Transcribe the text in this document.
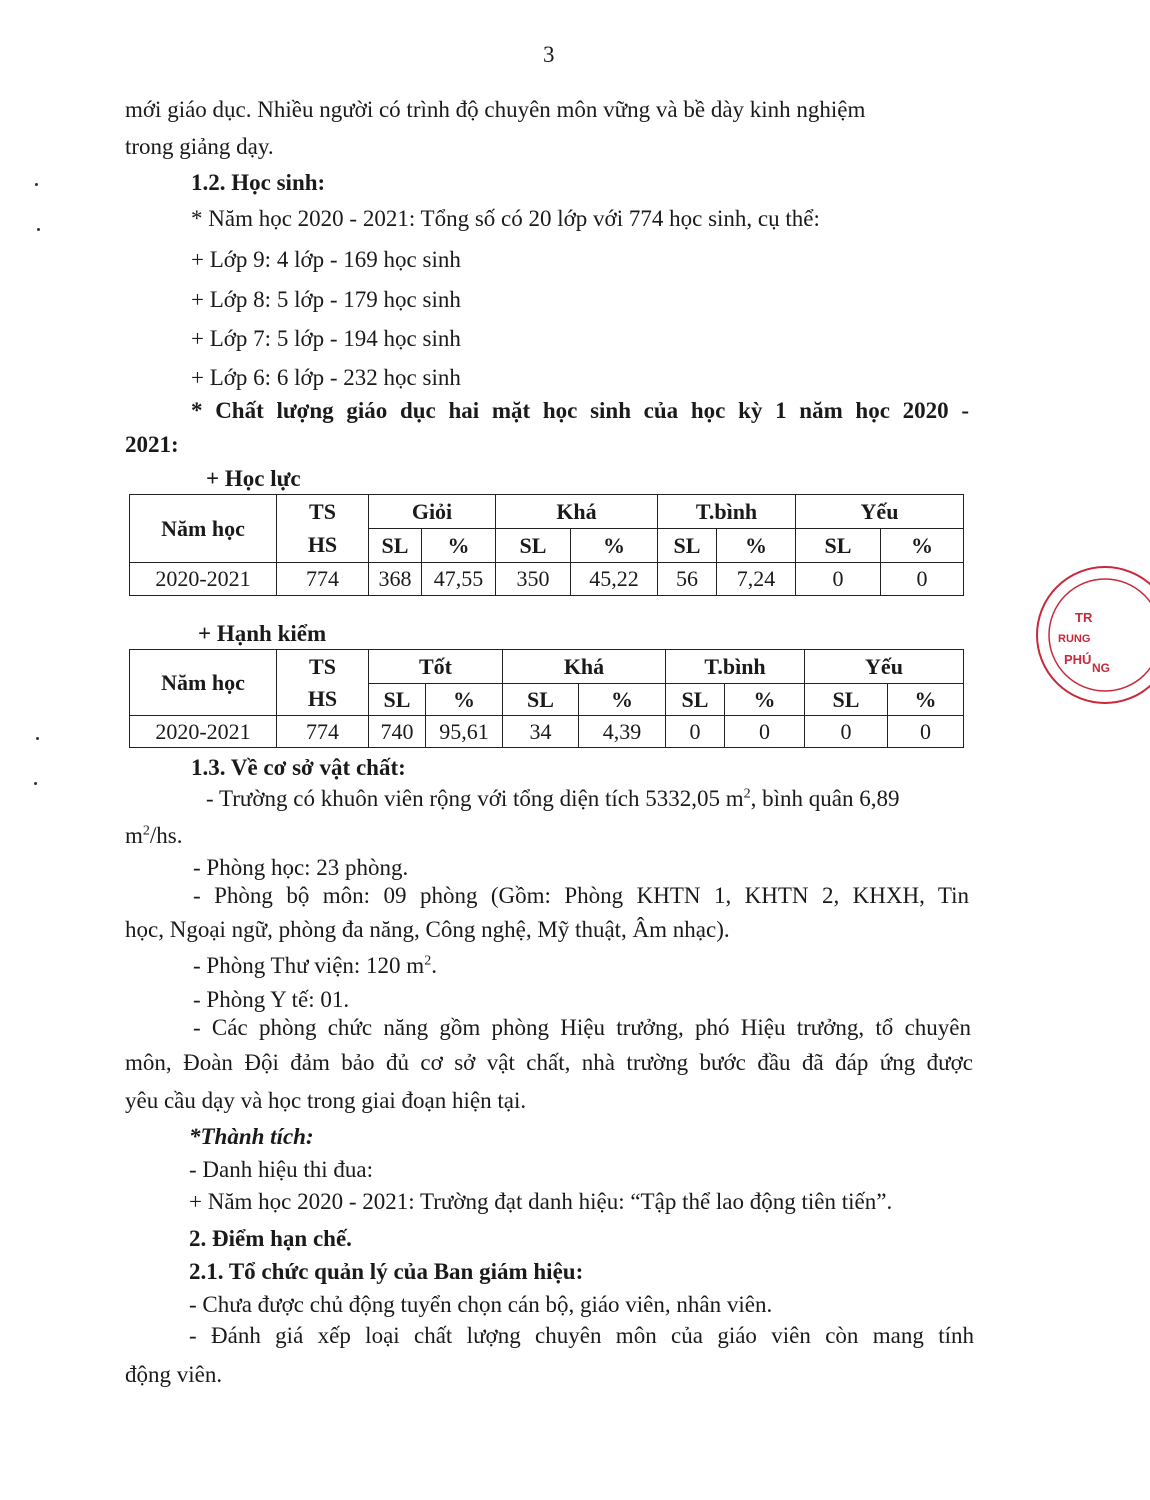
3
mới giáo dục. Nhiều người có trình độ chuyên môn vững và bề dày kinh nghiệm
trong giảng dạy.
1.2. Học sinh:
* Năm học 2020 - 2021: Tổng số có 20 lớp với 774 học sinh, cụ thể:
+ Lớp 9: 4 lớp - 169 học sinh
+ Lớp 8: 5 lớp - 179 học sinh
+ Lớp 7: 5 lớp - 194 học sinh
+ Lớp 6: 6 lớp - 232 học sinh
* Chất lượng giáo dục hai mặt học sinh của học kỳ 1 năm học 2020 -
2021:
+ Học lực
Năm học	TS	Giỏi		Khá		T.bình		Yếu	
	HS	SL	%	SL	%	SL	%	SL	%
2020-2021	774	368	47,55	350	45,22	56	7,24	0	0
+ Hạnh kiểm
Năm học	TS	Tốt		Khá		T.bình		Yếu	
	HS	SL	%	SL	%	SL	%	SL	%
2020-2021	774	740	95,61	34	4,39	0	0	0	0
1.3. Về cơ sở vật chất:
- Trường có khuôn viên rộng với tổng diện tích 5332,05 $m^2$, bình quân 6,89
$m^2/hs$.
- Phòng học: 23 phòng.
- Phòng bộ môn: 09 phòng (Gồm: Phòng KHTN 1, KHTN 2, KHXH, Tin
học, Ngoại ngữ, phòng đa năng, Công nghệ, Mỹ thuật, Âm nhạc).
- Phòng Thư viện: 120 $m^2$.
- Phòng Y tế: 01.
- Các phòng chức năng gồm phòng Hiệu trưởng, phó Hiệu trưởng, tổ chuyên
môn, Đoàn Đội đảm bảo đủ cơ sở vật chất, nhà trường bước đầu đã đáp ứng được
yêu cầu dạy và học trong giai đoạn hiện tại.
*Thành tích:
- Danh hiệu thi đua:
+ Năm học 2020 - 2021: Trường đạt danh hiệu: “Tập thể lao động tiên tiến”.
2. Điểm hạn chế.
2.1. Tổ chức quản lý của Ban giám hiệu:
- Chưa được chủ động tuyển chọn cán bộ, giáo viên, nhân viên.
- Đánh giá xếp loại chất lượng chuyên môn của giáo viên còn mang tính
động viên.
TR
RUNG
PHÚ
NG
